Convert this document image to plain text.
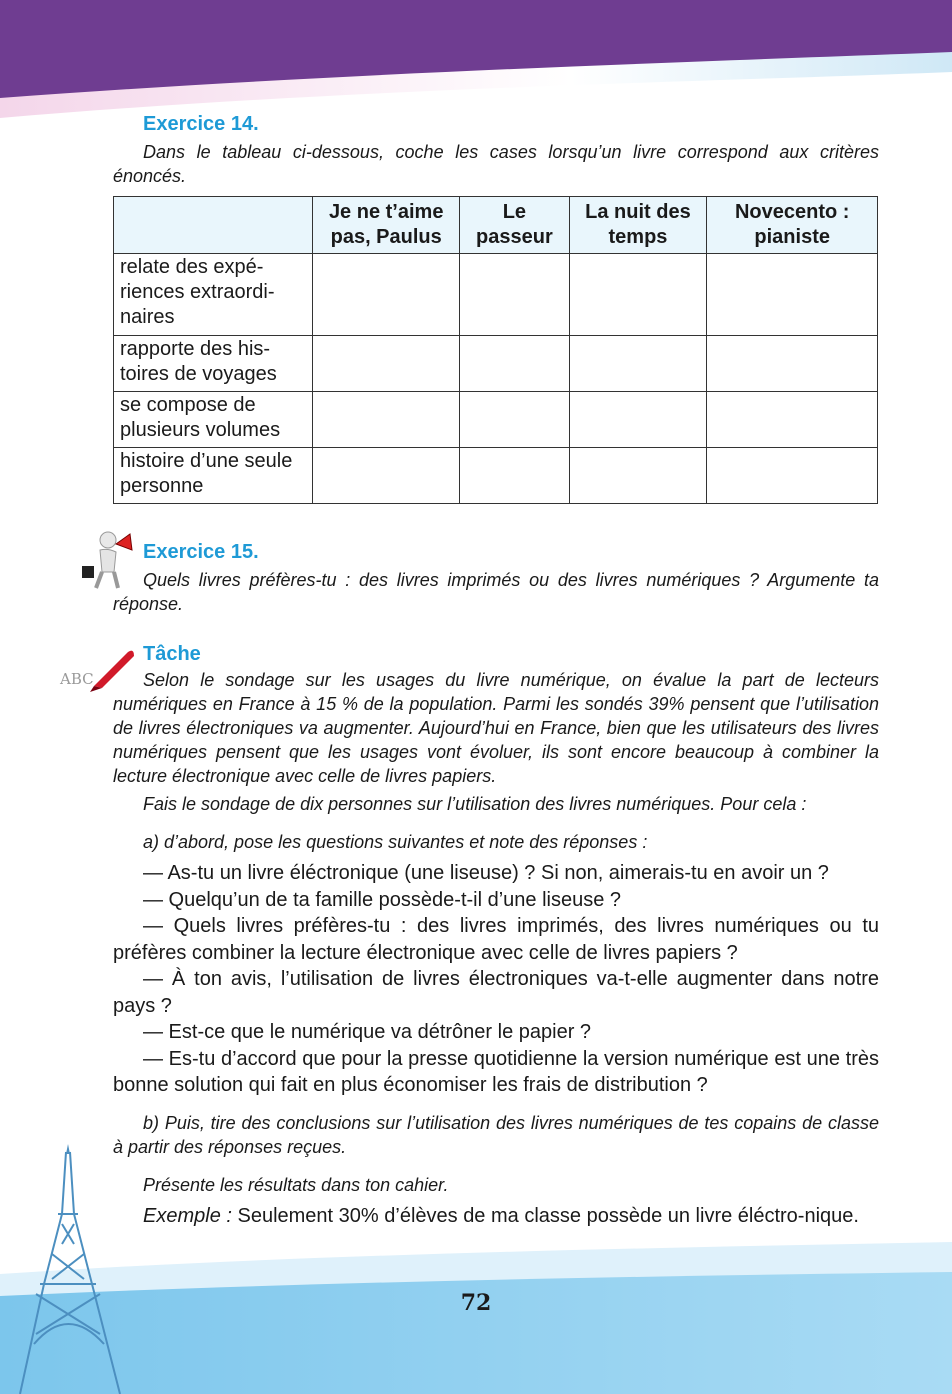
ABC
Exercice 14.

Dans le tableau ci-dessous, coche les cases lorsqu’un livre correspond aux critères énoncés.

	Je ne t’aime pas, Paulus	Le passeur	La nuit des temps	Novecento : pianiste
relate des expé-riences extraordi-naires				
rapporte des his-toires de voyages				
se compose de plusieurs volumes				
histoire d’une seule personne				
Exercice 15.

Quels livres préfères-tu : des livres imprimés ou des livres numériques ? Argumente ta réponse.

Tâche

Selon le sondage sur les usages du livre numérique, on évalue la part de lecteurs numériques en France à 15 % de la population. Parmi les sondés 39% pensent que l’utilisation de livres électroniques va augmenter. Aujourd’hui en France, bien que les utilisateurs des livres numériques pensent que les usages vont évoluer, ils sont encore beaucoup à combiner la lecture électronique avec celle de livres papiers.

Fais le sondage de dix personnes sur l’utilisation des livres numériques. Pour cela :

a) d’abord, pose les questions suivantes et note des réponses :

— As-tu un livre éléctronique (une liseuse) ? Si non, aimerais-tu en avoir un ?

— Quelqu’un de ta famille possède-t-il d’une liseuse ?

— Quels livres préfères-tu : des livres imprimés, des livres numériques ou tu préfères combiner la lecture électronique avec celle de livres papiers ?

— À ton avis, l’utilisation de livres électroniques va-t-elle augmenter dans notre pays ?

— Est-ce que le numérique va détrôner le papier ?

— Es-tu d’accord que pour la presse quotidienne la version numérique est une très bonne solution qui fait en plus économiser les frais de distribution ?

b) Puis, tire des conclusions sur l’utilisation des livres numériques de tes copains de classe à partir des réponses reçues.

Présente les résultats dans ton cahier.

Exemple : Seulement 30% d’élèves de ma classe possède un livre éléctro-nique.

72
